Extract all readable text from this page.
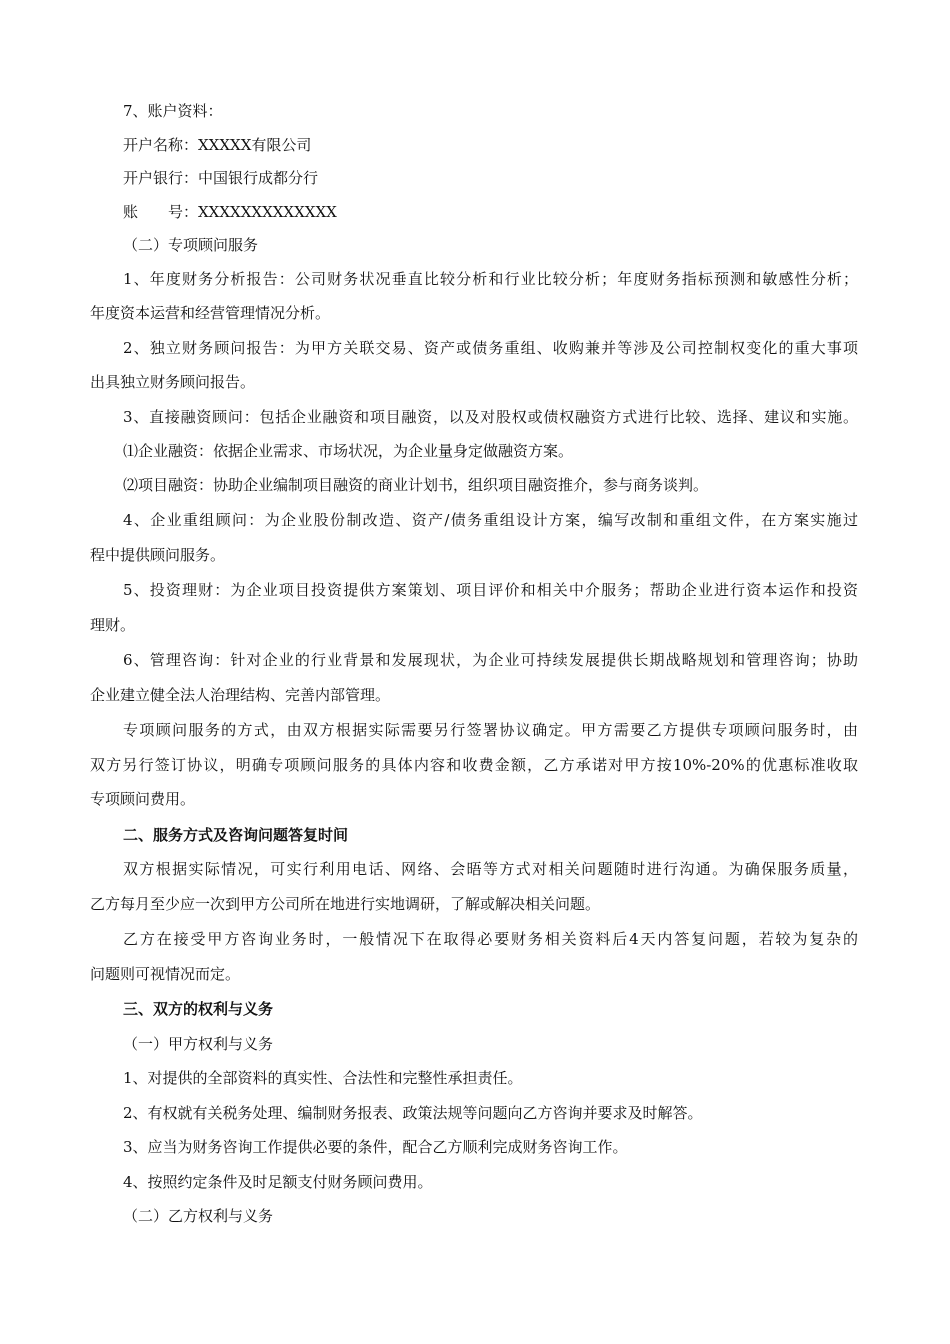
7、账户资料：
开户名称：XXXXX有限公司
开户银行：中国银行成都分行
账　　号：XXXXXXXXXXXXX
（二）专项顾问服务
1、年度财务分析报告：公司财务状况垂直比较分析和行业比较分析；年度财务指标预测和敏感性分析；
年度资本运营和经营管理情况分析。
2、独立财务顾问报告：为甲方关联交易、资产或债务重组、收购兼并等涉及公司控制权变化的重大事项
出具独立财务顾问报告。
3、直接融资顾问：包括企业融资和项目融资，以及对股权或债权融资方式进行比较、选择、建议和实施。
⑴企业融资：依据企业需求、市场状况，为企业量身定做融资方案。
⑵项目融资：协助企业编制项目融资的商业计划书，组织项目融资推介，参与商务谈判。
4、企业重组顾问：为企业股份制改造、资产/债务重组设计方案，编写改制和重组文件，在方案实施过
程中提供顾问服务。
5、投资理财：为企业项目投资提供方案策划、项目评价和相关中介服务；帮助企业进行资本运作和投资
理财。
6、管理咨询：针对企业的行业背景和发展现状，为企业可持续发展提供长期战略规划和管理咨询；协助
企业建立健全法人治理结构、完善内部管理。
专项顾问服务的方式，由双方根据实际需要另行签署协议确定。甲方需要乙方提供专项顾问服务时，由
双方另行签订协议，明确专项顾问服务的具体内容和收费金额，乙方承诺对甲方按10%-20%的优惠标准收取
专项顾问费用。
二、服务方式及咨询问题答复时间
双方根据实际情况，可实行利用电话、网络、会晤等方式对相关问题随时进行沟通。为确保服务质量，
乙方每月至少应一次到甲方公司所在地进行实地调研，了解或解决相关问题。
乙方在接受甲方咨询业务时，一般情况下在取得必要财务相关资料后4天内答复问题，若较为复杂的
问题则可视情况而定。
三、双方的权利与义务
（一）甲方权利与义务
1、对提供的全部资料的真实性、合法性和完整性承担责任。
2、有权就有关税务处理、编制财务报表、政策法规等问题向乙方咨询并要求及时解答。
3、应当为财务咨询工作提供必要的条件，配合乙方顺利完成财务咨询工作。
4、按照约定条件及时足额支付财务顾问费用。
（二）乙方权利与义务
